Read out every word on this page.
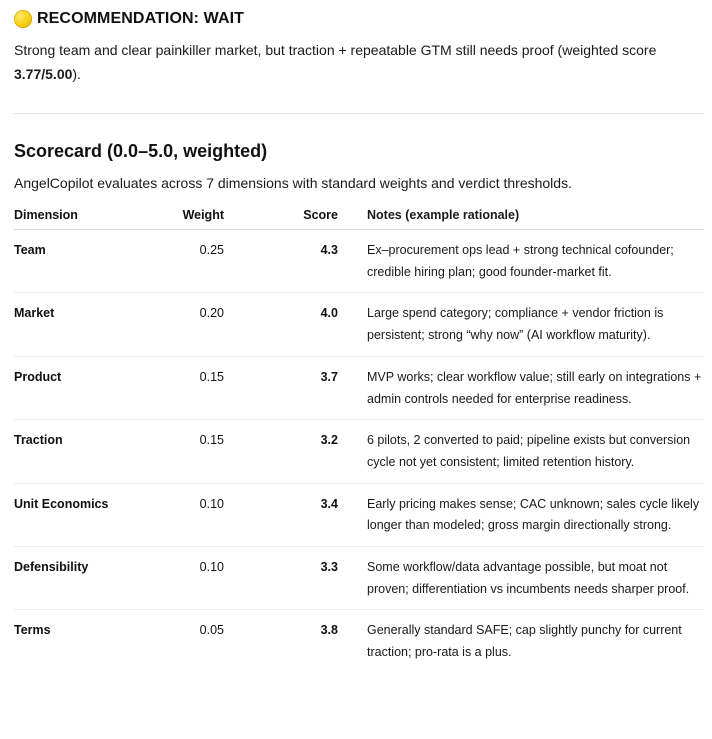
RECOMMENDATION: WAIT
Strong team and clear painkiller market, but traction + repeatable GTM still needs proof (weighted score 3.77/5.00).
Scorecard (0.0–5.0, weighted)
AngelCopilot evaluates across 7 dimensions with standard weights and verdict thresholds.
Dimension	Weight	Score		Notes (example rationale)
Team	0.25	4.3		Ex–procurement ops lead + strong technical cofounder; credible hiring plan; good founder-market fit.
Market	0.20	4.0		Large spend category; compliance + vendor friction is persistent; strong “why now” (AI workflow maturity).
Product	0.15	3.7		MVP works; clear workflow value; still early on integrations + admin controls needed for enterprise readiness.
Traction	0.15	3.2		6 pilots, 2 converted to paid; pipeline exists but conversion cycle not yet consistent; limited retention history.
Unit Economics	0.10	3.4		Early pricing makes sense; CAC unknown; sales cycle likely longer than modeled; gross margin directionally strong.
Defensibility	0.10	3.3		Some workflow/data advantage possible, but moat not proven; differentiation vs incumbents needs sharper proof.
Terms	0.05	3.8		Generally standard SAFE; cap slightly punchy for current traction; pro-rata is a plus.
